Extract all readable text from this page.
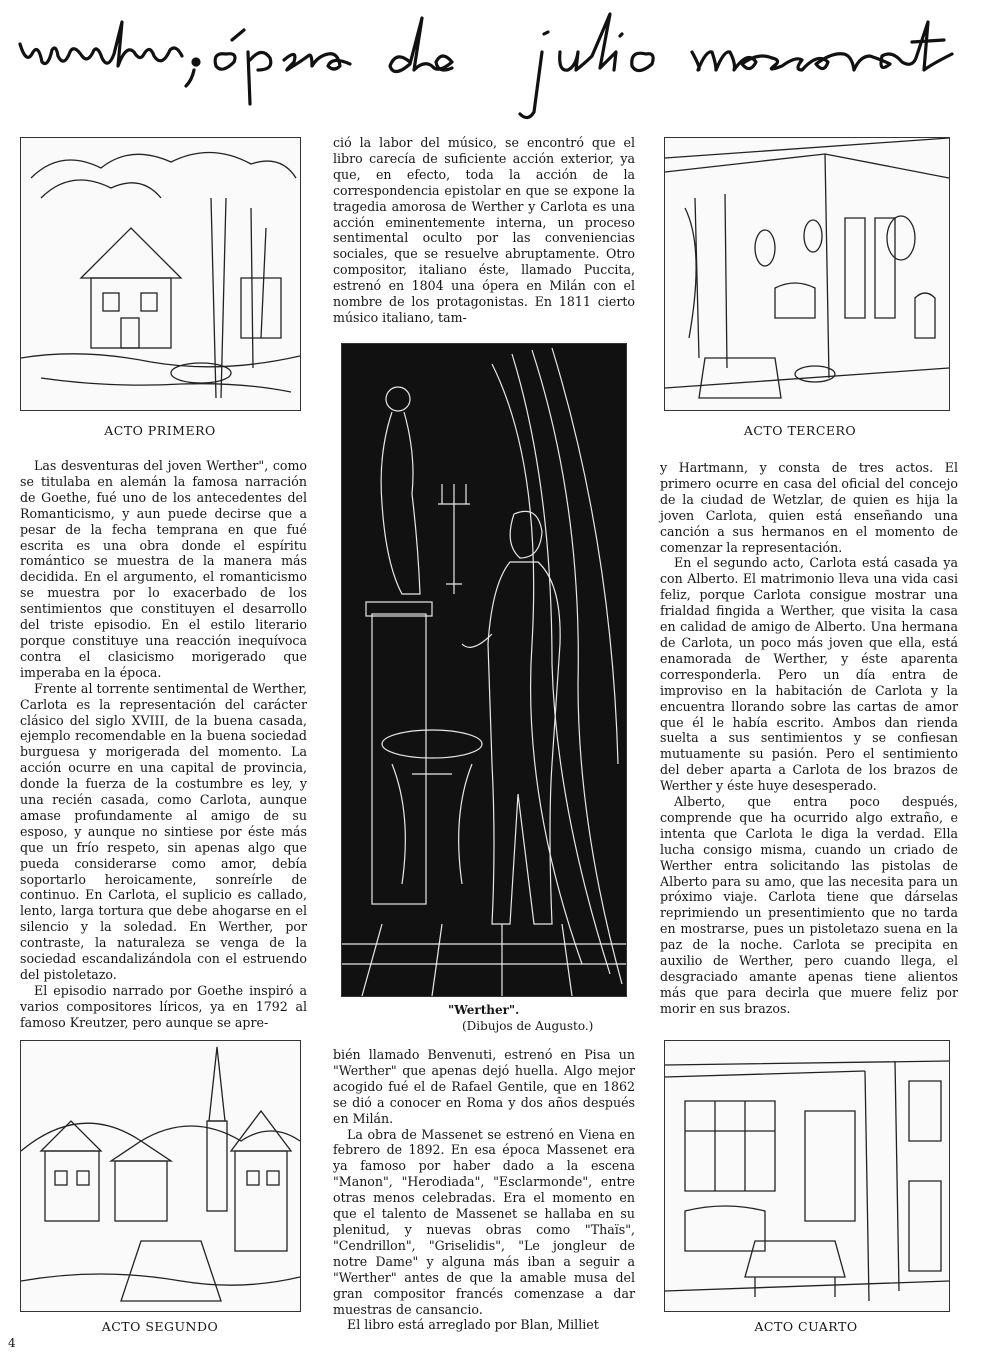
ACTO PRIMERO	ACTO TERCERO
"Werther".
(Dibujos de Augusto.)
ACTO SEGUNDO	ACTO CUARTO

Las desventuras del joven Werther", como se titulaba en alemán la famosa narración de Goethe, fué uno de los antecedentes del Romanticismo, y aun puede decirse que a pesar de la fecha temprana en que fué escrita es una obra donde el espíritu romántico se muestra de la manera más decidida. En el argumento, el romanticismo se muestra por lo exacerbado de los sentimientos que constituyen el desarrollo del triste episodio. En el estilo literario porque constituye una reacción inequívoca contra el clasicismo morigerado que imperaba en la época.

Frente al torrente sentimental de Werther, Carlota es la representación del carácter clásico del siglo XVIII, de la buena casada, ejemplo recomendable en la buena sociedad burguesa y morigerada del momento. La acción ocurre en una capital de provincia, donde la fuerza de la costumbre es ley, y una recién casada, como Carlota, aunque amase profundamente al amigo de su esposo, y aunque no sintiese por éste más que un frío respeto, sin apenas algo que pueda considerarse como amor, debía soportarlo heroicamente, sonreírle de continuo. En Carlota, el suplicio es callado, lento, larga tortura que debe ahogarse en el silencio y la soledad. En Werther, por contraste, la naturaleza se venga de la sociedad escandalizándola con el estruendo del pistoletazo.

El episodio narrado por Goethe inspiró a varios compositores líricos, ya en 1792 al famoso Kreutzer, pero aunque se apre-

ció la labor del músico, se encontró que el libro carecía de suficiente acción exterior, ya que, en efecto, toda la acción de la correspondencia epistolar en que se expone la tragedia amorosa de Werther y Carlota es una acción eminentemente interna, un proceso sentimental oculto por las conveniencias sociales, que se resuelve abruptamente. Otro compositor, italiano éste, llamado Puccita, estrenó en 1804 una ópera en Milán con el nombre de los protagonistas. En 1811 cierto músico italiano, tam-

y Hartmann, y consta de tres actos. El primero ocurre en casa del oficial del concejo de la ciudad de Wetzlar, de quien es hija la joven Carlota, quien está enseñando una canción a sus hermanos en el momento de comenzar la representación.

En el segundo acto, Carlota está casada ya con Alberto. El matrimonio lleva una vida casi feliz, porque Carlota consigue mostrar una frialdad fingida a Werther, que visita la casa en calidad de amigo de Alberto. Una hermana de Carlota, un poco más joven que ella, está enamorada de Werther, y éste aparenta corresponderla. Pero un día entra de improviso en la habitación de Carlota y la encuentra llorando sobre las cartas de amor que él le había escrito. Ambos dan rienda suelta a sus sentimientos y se confiesan mutuamente su pasión. Pero el sentimiento del deber aparta a Carlota de los brazos de Werther y éste huye desesperado.

Alberto, que entra poco después, comprende que ha ocurrido algo extraño, e intenta que Carlota le diga la verdad. Ella lucha consigo misma, cuando un criado de Werther entra solicitando las pistolas de Alberto para su amo, que las necesita para un próximo viaje. Carlota tiene que dárselas reprimiendo un presentimiento que no tarda en mostrarse, pues un pistoletazo suena en la paz de la noche. Carlota se precipita en auxilio de Werther, pero cuando llega, el desgraciado amante apenas tiene alientos más que para decirla que muere feliz por morir en sus brazos.

bién llamado Benvenuti, estrenó en Pisa un "Werther" que apenas dejó huella. Algo mejor acogido fué el de Rafael Gentile, que en 1862 se dió a conocer en Roma y dos años después en Milán.

La obra de Massenet se estrenó en Viena en febrero de 1892. En esa época Massenet era ya famoso por haber dado a la escena "Manon", "Herodiada", "Esclarmonde", entre otras menos celebradas. Era el momento en que el talento de Massenet se hallaba en su plenitud, y nuevas obras como "Thaïs", "Cendrillon", "Griselidis", "Le jongleur de notre Dame" y alguna más iban a seguir a "Werther" antes de que la amable musa del gran compositor francés comenzase a dar muestras de cansancio.

El libro está arreglado por Blan, Milliet

4
